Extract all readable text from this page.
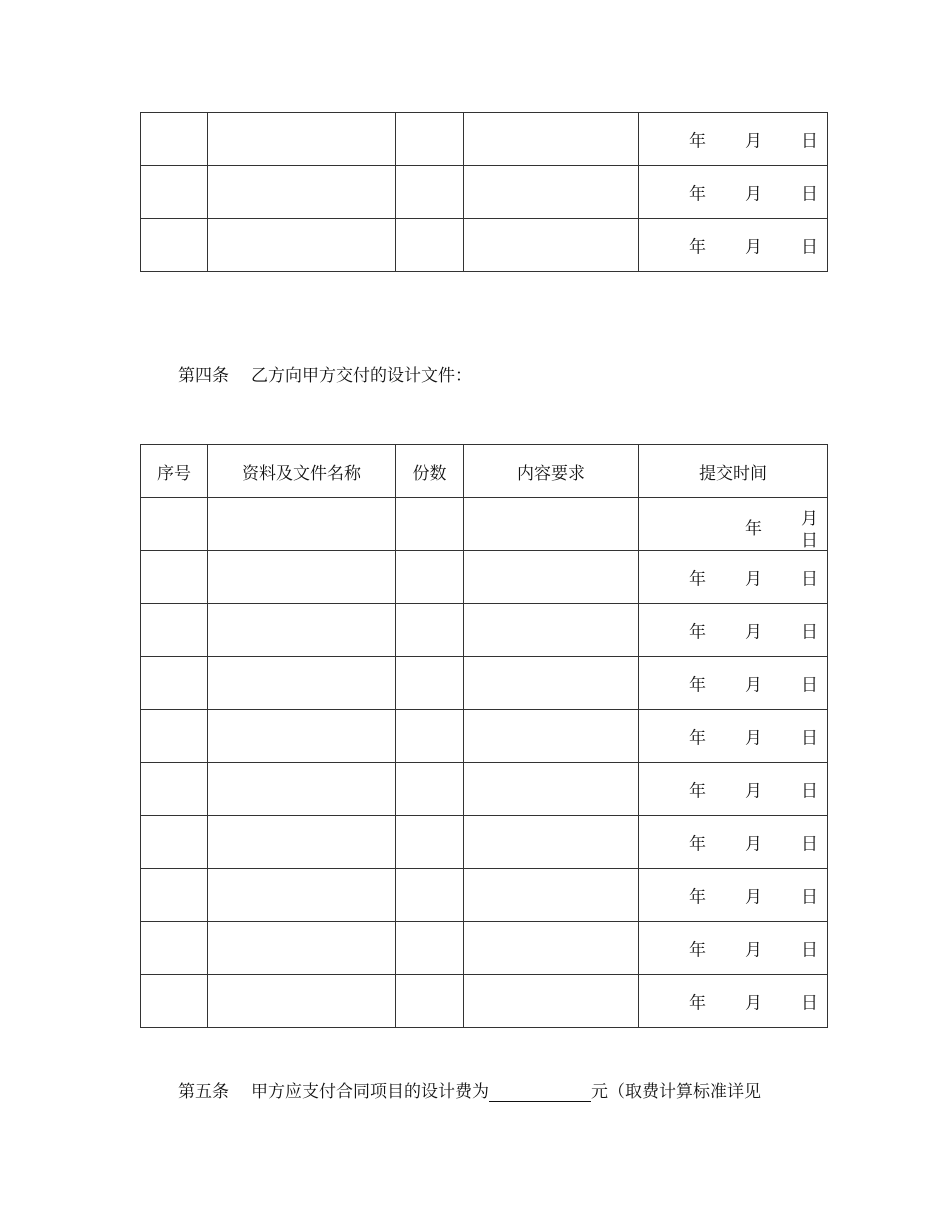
				年 月 日

				年 月 日

				年 月 日
第四条 乙方向甲方交付的设计文件：
序号	资料及文件名称	份数	内容要求	提交时间

				年 月
日

				年 月 日

				年 月 日

				年 月 日

				年 月 日

				年 月 日

				年 月 日

				年 月 日

				年 月 日

				年 月 日
第五条 甲方应支付合同项目的设计费为	元（取费计算标准详见
